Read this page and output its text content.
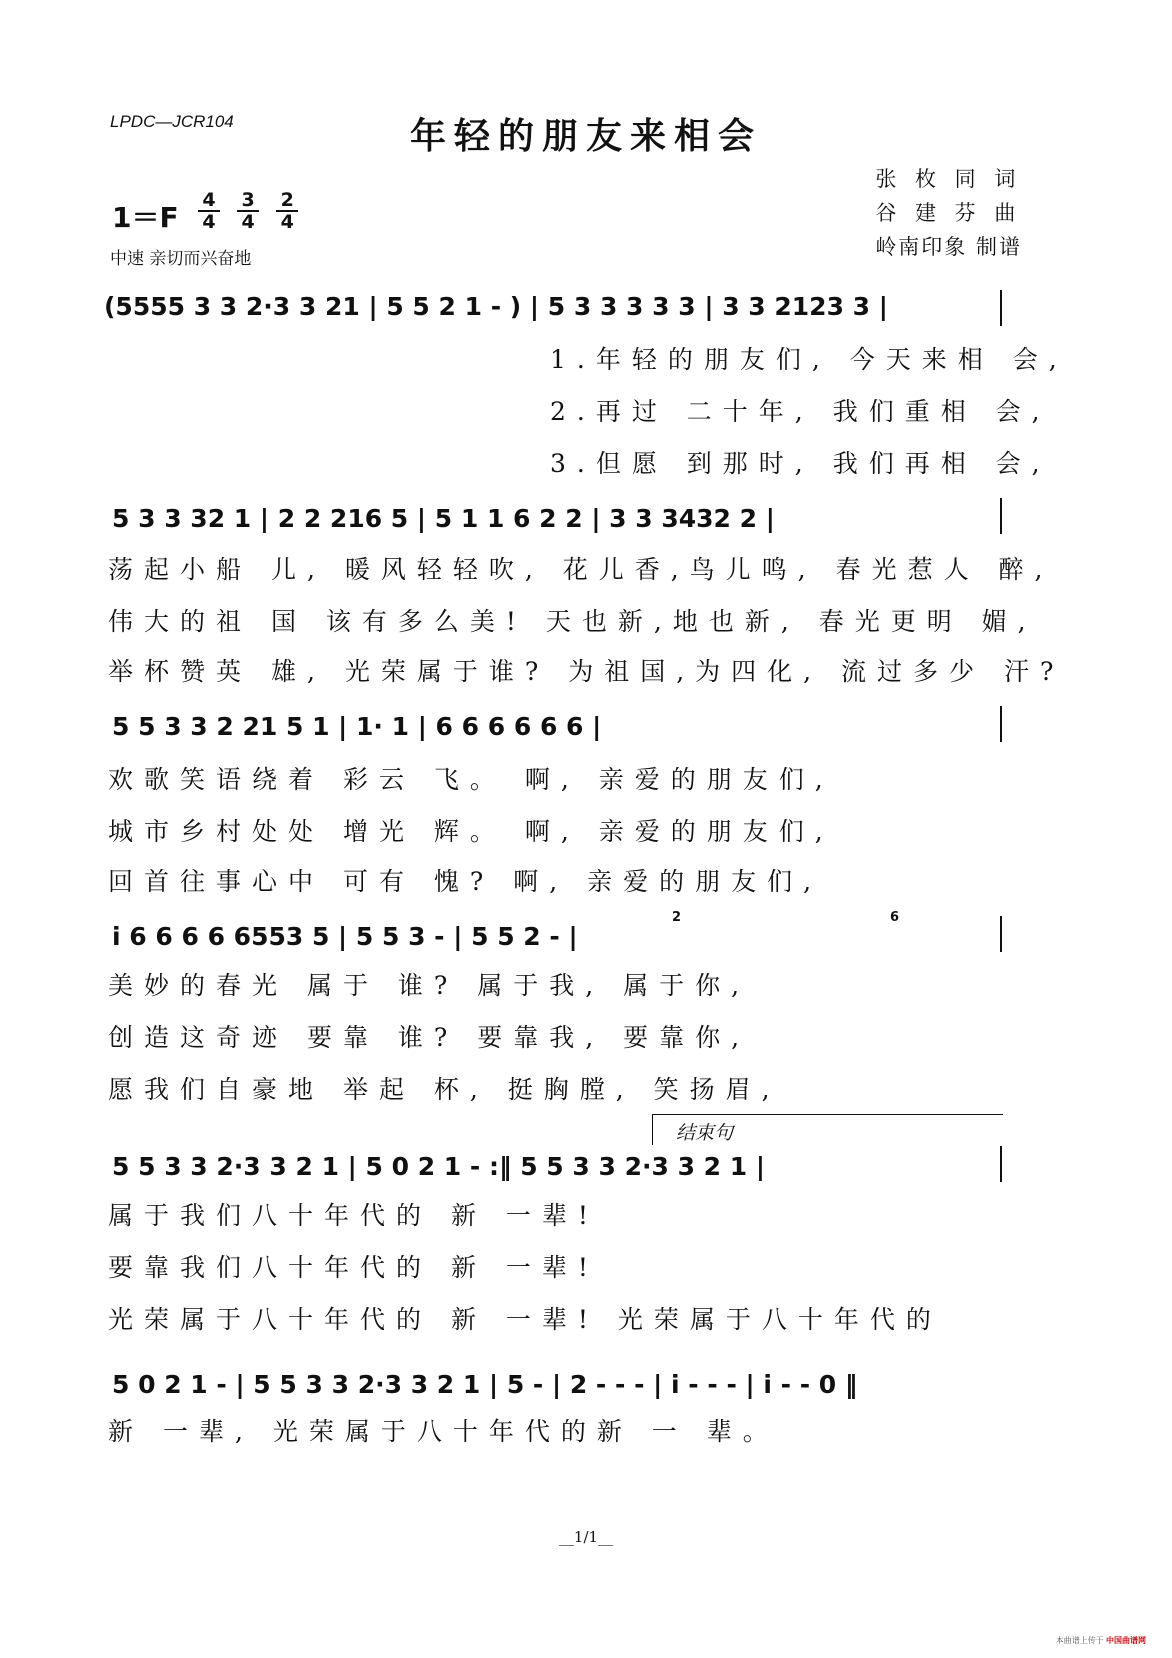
LPDC—JCR104	年轻的朋友来相会
张 枚 同 词
谷 建 芬 曲
岭南印象 制谱
$1=F \frac{4}{4} \frac{3}{4} \frac{2}{4}$
中速 亲切而兴奋地
(5555 3 3 2·3 3 21 | 5 5 2 1 - ) | 5 3 3 3 3 3 | 3 3 2123 3 |
1.年轻的朋友们, 今天来相 会,
2.再过 二十年, 我们重相 会,
3.但愿 到那时, 我们再相 会,
5 3 3 32 1 | 2 2 216 5 | 5 1 1 6 2 2 | 3 3 3432 2 |
荡起小船 儿, 暖风轻轻吹, 花儿香,鸟儿鸣, 春光惹人 醉,
伟大的祖 国 该有多么美! 天也新,地也新, 春光更明 媚,
举杯赞英 雄, 光荣属于谁? 为祖国,为四化, 流过多少 汗?
5 5 3 3 2 21 5 1 | 1· 1 | 6 6 6 6 6 6 |
欢歌笑语绕着 彩云 飞。 啊, 亲爱的朋友们,
城市乡村处处 增光 辉。 啊, 亲爱的朋友们,
回首往事心中 可有 愧? 啊, 亲爱的朋友们,
i 6 6 6 6 6553 5 | 5 5 3 - | 5 5 2 - |
2	6
美妙的春光 属于 谁? 属于我, 属于你,
创造这奇迹 要靠 谁? 要靠我, 要靠你,
愿我们自豪地 举起 杯, 挺胸膛, 笑扬眉,
结束句
5 5 3 3 2·3 3 2 1 | 5 0 2 1 - :‖ 5 5 3 3 2·3 3 2 1 |
属于我们八十年代的 新 一辈!
要靠我们八十年代的 新 一辈!
光荣属于八十年代的 新 一辈! 光荣属于八十年代的
5 0 2 1 - | 5 5 3 3 2·3 3 2 1 | 5 - | 2 - - - | i - - - | i - - 0 ‖
新 一辈, 光荣属于八十年代的新 一 辈。
__1/1__
本曲谱上传于 中国曲谱网
